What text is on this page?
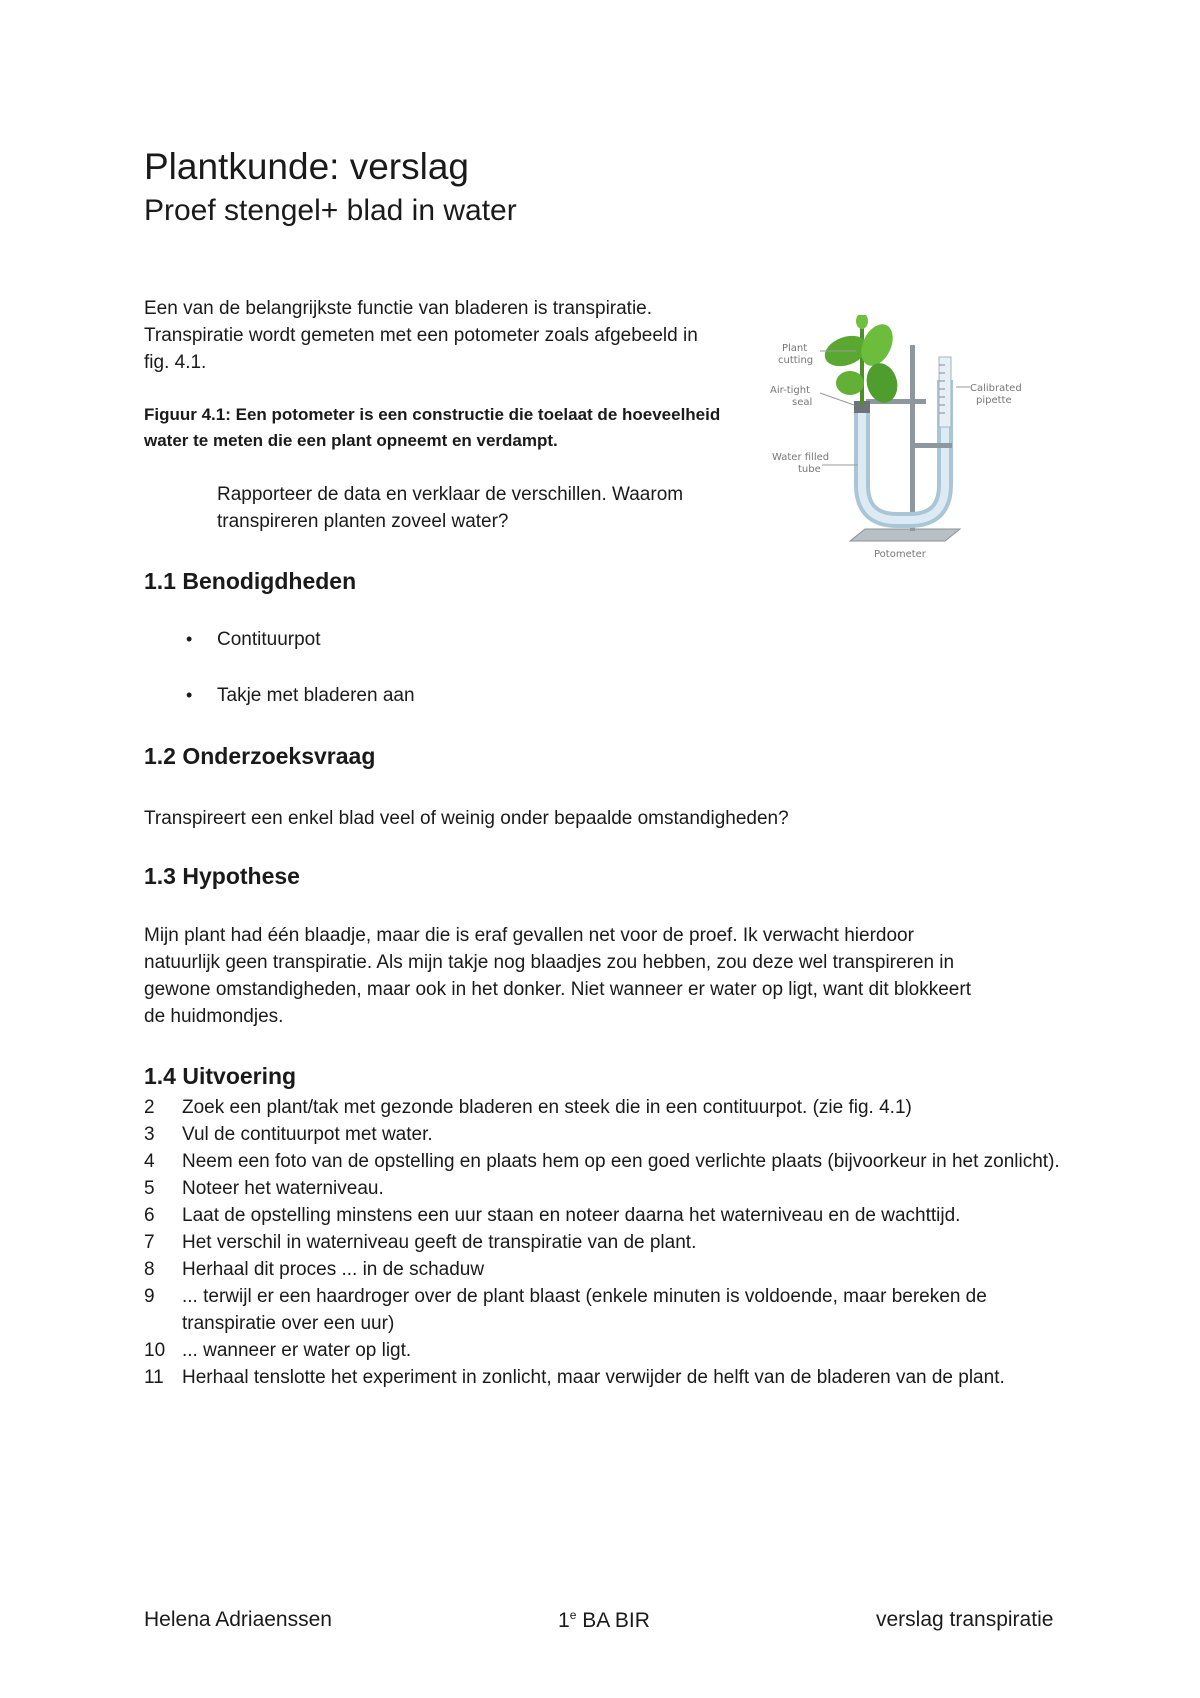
Plantkunde: verslag
Proef stengel+ blad in water

Een van de belangrijkste functie van bladeren is transpiratie.
Transpiratie wordt gemeten met een potometer zoals afgebeeld in
fig. 4.1.

Figuur 4.1: Een potometer is een constructie die toelaat de hoeveelheid
water te meten die een plant opneemt en verdampt.

Rapporteer de data en verklaar de verschillen. Waarom
transpireren planten zoveel water?

Plant
cutting
Air-tight
seal
Calibrated
pipette
Water filled
tube
Potometer
1.1 Benodigdheden
• Contituurpot
• Takje met bladeren aan
1.2 Onderzoeksvraag

Transpireert een enkel blad veel of weinig onder bepaalde omstandigheden?

1.3 Hypothese

Mijn plant had één blaadje, maar die is eraf gevallen net voor de proef. Ik verwacht hierdoor
natuurlijk geen transpiratie. Als mijn takje nog blaadjes zou hebben, zou deze wel transpireren in
gewone omstandigheden, maar ook in het donker. Niet wanneer er water op ligt, want dit blokkeert
de huidmondjes.

1.4 Uitvoering
2	Zoek een plant/tak met gezonde bladeren en steek die in een contituurpot. (zie fig. 4.1)
3	Vul de contituurpot met water.
4	Neem een foto van de opstelling en plaats hem op een goed verlichte plaats (bijvoorkeur in het zonlicht).
5	Noteer het waterniveau.
6	Laat de opstelling minstens een uur staan en noteer daarna het waterniveau en de wachttijd.
7	Het verschil in waterniveau geeft de transpiratie van de plant.
8	Herhaal dit proces ... in de schaduw
9	... terwijl er een haardroger over de plant blaast (enkele minuten is voldoende, maar bereken de transpiratie over een uur)
10 ... wanneer er water op ligt.
11 Herhaal tenslotte het experiment in zonlicht, maar verwijder de helft van de bladeren van de plant.
Helena Adriaenssen	1e BA BIR	verslag transpiratie
